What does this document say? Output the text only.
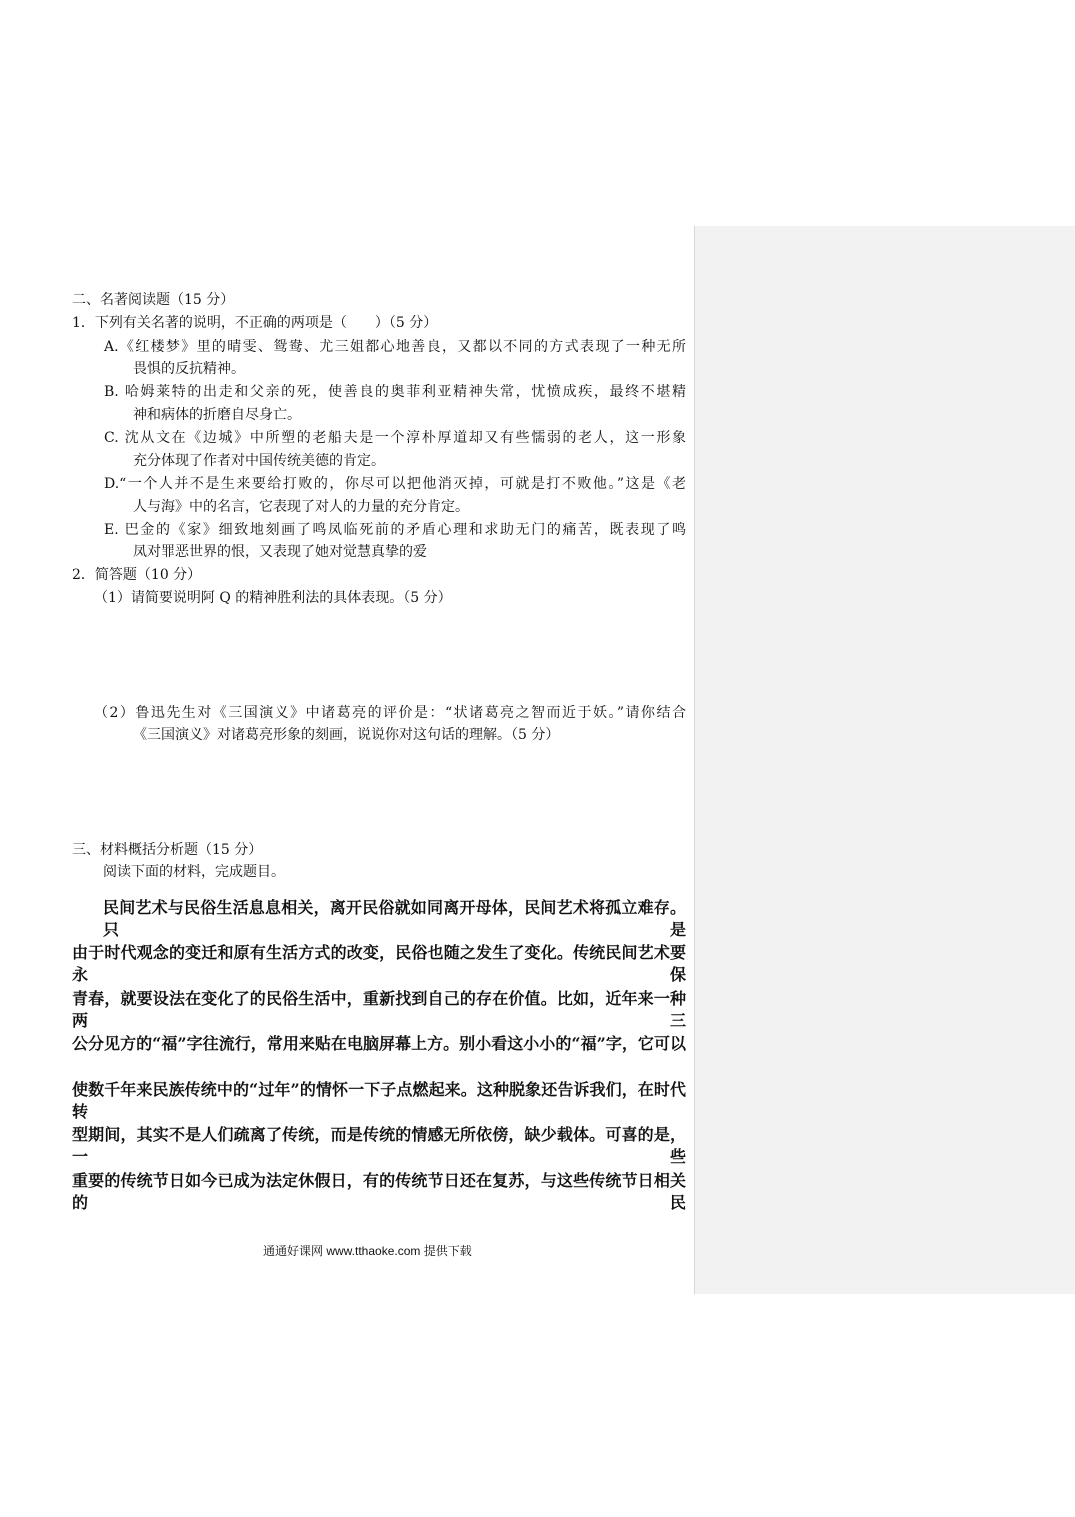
二、名著阅读题（15 分）
1．下列有关名著的说明，不正确的两项是（　　）（5 分）
A.《红楼梦》里的晴雯、鸳鸯、尤三姐都心地善良，又都以不同的方式表现了一种无所
畏惧的反抗精神。
B. 哈姆莱特的出走和父亲的死，使善良的奥菲利亚精神失常，忧愤成疾，最终不堪精
神和病体的折磨自尽身亡。
C. 沈从文在《边城》中所塑的老船夫是一个淳朴厚道却又有些懦弱的老人，这一形象
充分体现了作者对中国传统美德的肯定。
D.“一个人并不是生来要给打败的，你尽可以把他消灭掉，可就是打不败他。”这是《老
人与海》中的名言，它表现了对人的力量的充分肯定。
E. 巴金的《家》细致地刻画了鸣凤临死前的矛盾心理和求助无门的痛苦，既表现了鸣
凤对罪恶世界的恨，又表现了她对觉慧真挚的爱
2．简答题（10 分）
（1）请简要说明阿 Q 的精神胜利法的具体表现。（5 分）
（2）鲁迅先生对《三国演义》中诸葛亮的评价是：“状诸葛亮之智而近于妖。”请你结合
《三国演义》对诸葛亮形象的刻画，说说你对这句话的理解。（5 分）
三、材料概括分析题（15 分）
阅读下面的材料，完成题目。
民间艺术与民俗生活息息相关，离开民俗就如同离开母体，民间艺术将孤立难存。只是
由于时代观念的变迁和原有生活方式的改变，民俗也随之发生了变化。传统民间艺术要永保
青春，就要设法在变化了的民俗生活中，重新找到自己的存在价值。比如，近年来一种两三
公分见方的“福”字往流行，常用来贴在电脑屏幕上方。别小看这小小的“福”字，它可以
使数千年来民族传统中的“过年”的情怀一下子点燃起来。这种脱象还告诉我们，在时代转
型期间，其实不是人们疏离了传统，而是传统的情感无所依傍，缺少载体。可喜的是，一些
重要的传统节日如今已成为法定休假日，有的传统节日还在复苏，与这些传统节日相关的民
通通好课网 www.tthaoke.com 提供下载
